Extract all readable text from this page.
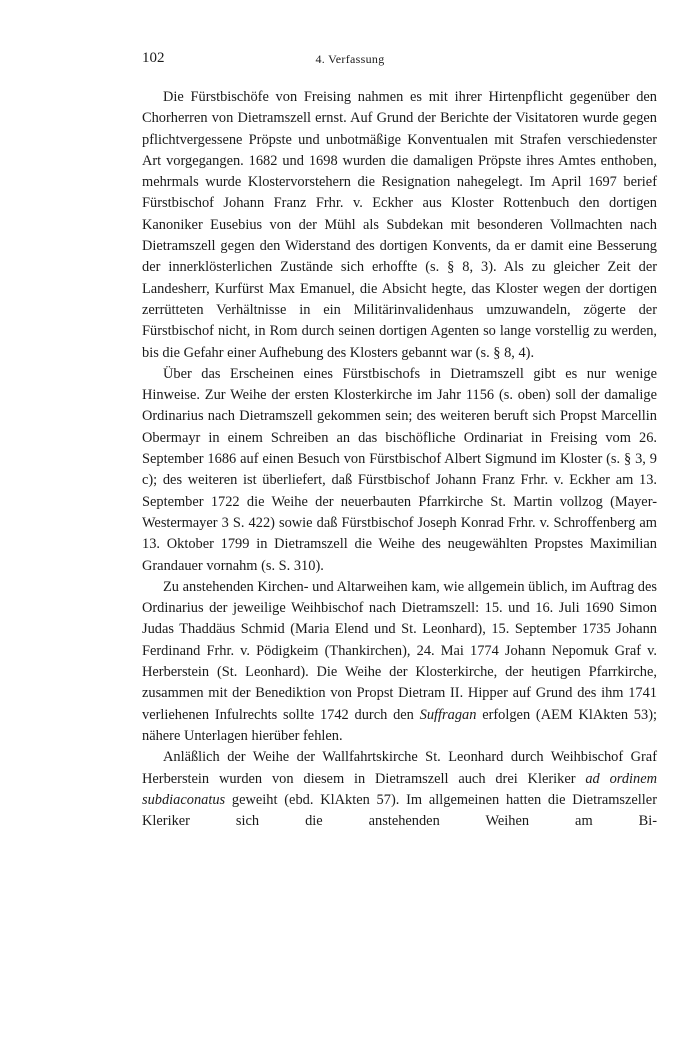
102	4. Verfassung

Die Fürstbischöfe von Freising nahmen es mit ihrer Hirtenpflicht gegenüber den Chorherren von Dietramszell ernst. Auf Grund der Berichte der Visitatoren wurde gegen pflichtvergessene Pröpste und unbotmäßige Konventualen mit Strafen verschiedenster Art vorgegangen. 1682 und 1698 wurden die damaligen Pröpste ihres Amtes enthoben, mehrmals wurde Klostervorstehern die Resignation nahegelegt. Im April 1697 berief Fürstbischof Johann Franz Frhr. v. Eckher aus Kloster Rottenbuch den dortigen Kanoniker Eusebius von der Mühl als Subdekan mit besonderen Vollmachten nach Dietramszell gegen den Widerstand des dortigen Konvents, da er damit eine Besserung der innerklösterlichen Zustände sich erhoffte (s. § 8, 3). Als zu gleicher Zeit der Landesherr, Kurfürst Max Emanuel, die Absicht hegte, das Kloster wegen der dortigen zerrütteten Verhältnisse in ein Militärinvalidenhaus umzuwandeln, zögerte der Fürstbischof nicht, in Rom durch seinen dortigen Agenten so lange vorstellig zu werden, bis die Gefahr einer Aufhebung des Klosters gebannt war (s. § 8, 4).

Über das Erscheinen eines Fürstbischofs in Dietramszell gibt es nur wenige Hinweise. Zur Weihe der ersten Klosterkirche im Jahr 1156 (s. oben) soll der damalige Ordinarius nach Dietramszell gekommen sein; des weiteren beruft sich Propst Marcellin Obermayr in einem Schreiben an das bischöfliche Ordinariat in Freising vom 26. September 1686 auf einen Besuch von Fürstbischof Albert Sigmund im Kloster (s. § 3, 9 c); des weiteren ist überliefert, daß Fürstbischof Johann Franz Frhr. v. Eckher am 13. September 1722 die Weihe der neuerbauten Pfarrkirche St. Martin vollzog (Mayer-Westermayer 3 S. 422) sowie daß Fürstbischof Joseph Konrad Frhr. v. Schroffenberg am 13. Oktober 1799 in Dietramszell die Weihe des neugewählten Propstes Maximilian Grandauer vornahm (s. S. 310).

Zu anstehenden Kirchen- und Altarweihen kam, wie allgemein üblich, im Auftrag des Ordinarius der jeweilige Weihbischof nach Dietramszell: 15. und 16. Juli 1690 Simon Judas Thaddäus Schmid (Maria Elend und St. Leonhard), 15. September 1735 Johann Ferdinand Frhr. v. Pödigkeim (Thankirchen), 24. Mai 1774 Johann Nepomuk Graf v. Herberstein (St. Leonhard). Die Weihe der Klosterkirche, der heutigen Pfarrkirche, zusammen mit der Benediktion von Propst Dietram II. Hipper auf Grund des ihm 1741 verliehenen Infulrechts sollte 1742 durch den Suffragan erfolgen (AEM KlAkten 53); nähere Unterlagen hierüber fehlen.

Anläßlich der Weihe der Wallfahrtskirche St. Leonhard durch Weihbischof Graf Herberstein wurden von diesem in Dietramszell auch drei Kleriker ad ordinem subdiaconatus geweiht (ebd. KlAkten 57). Im allgemeinen hatten die Dietramszeller Kleriker sich die anstehenden Weihen am Bi-
